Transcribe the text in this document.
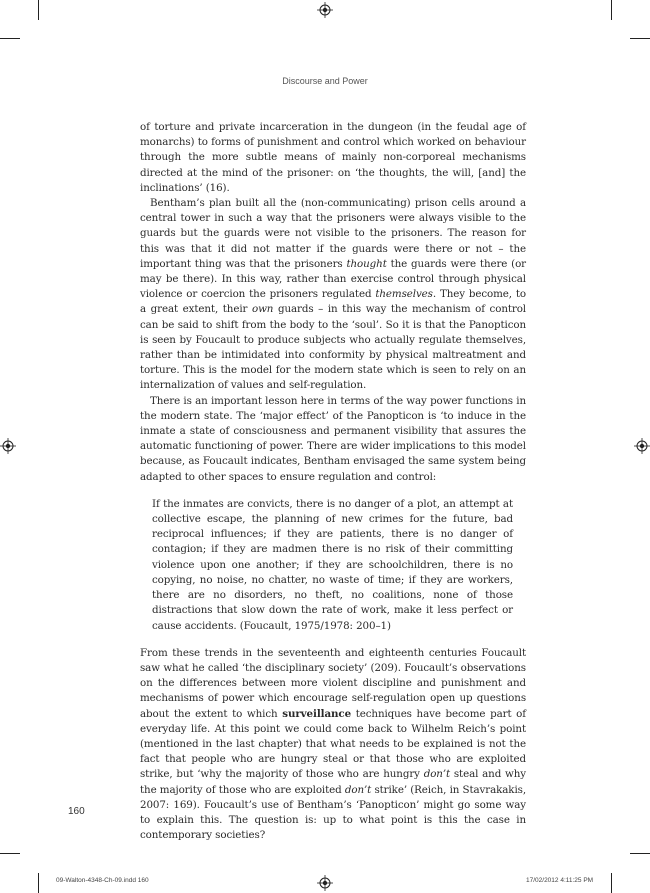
Discourse and Power

of torture and private incarceration in the dungeon (in the feudal age of monarchs) to forms of punishment and control which worked on behaviour through the more subtle means of mainly non-corporeal mechanisms directed at the mind of the prisoner: on ‘the thoughts, the will, [and] the inclinations’ (16).

Bentham’s plan built all the (non-communicating) prison cells around a central tower in such a way that the prisoners were always visible to the guards but the guards were not visible to the prisoners. The reason for this was that it did not matter if the guards were there or not – the important thing was that the prisoners thought the guards were there (or may be there). In this way, rather than exercise control through physical violence or coercion the prisoners regulated themselves. They become, to a great extent, their own guards – in this way the mechanism of control can be said to shift from the body to the ‘soul’. So it is that the Panopticon is seen by Foucault to produce subjects who actually regulate themselves, rather than be intimidated into conformity by physical maltreatment and torture. This is the model for the modern state which is seen to rely on an internalization of values and self-regulation.

There is an important lesson here in terms of the way power functions in the modern state. The ‘major effect’ of the Panopticon is ‘to induce in the inmate a state of consciousness and permanent visibility that assures the automatic functioning of power. There are wider implications to this model because, as Foucault indicates, Bentham envisaged the same system being adapted to other spaces to ensure regulation and control:

If the inmates are convicts, there is no danger of a plot, an attempt at collective escape, the planning of new crimes for the future, bad reciprocal influences; if they are patients, there is no danger of contagion; if they are madmen there is no risk of their committing violence upon one another; if they are schoolchildren, there is no copying, no noise, no chatter, no waste of time; if they are workers, there are no disorders, no theft, no coalitions, none of those distractions that slow down the rate of work, make it less perfect or cause accidents. (Foucault, 1975/1978: 200–1)

From these trends in the seventeenth and eighteenth centuries Foucault saw what he called ‘the disciplinary society’ (209). Foucault’s observations on the differences between more violent discipline and punishment and mechanisms of power which encourage self-regulation open up questions about the extent to which surveillance techniques have become part of everyday life. At this point we could come back to Wilhelm Reich’s point (mentioned in the last chapter) that what needs to be explained is not the fact that people who are hungry steal or that those who are exploited strike, but ‘why the majority of those who are hungry don’t steal and why the majority of those who are exploited don’t strike’ (Reich, in Stavrakakis, 2007: 169). Foucault’s use of Bentham’s ‘Panopticon’ might go some way to explain this. The question is: up to what point is this the case in contemporary societies?

160
09-Walton-4348-Ch-09.indd 160	17/02/2012 4:11:25 PM
